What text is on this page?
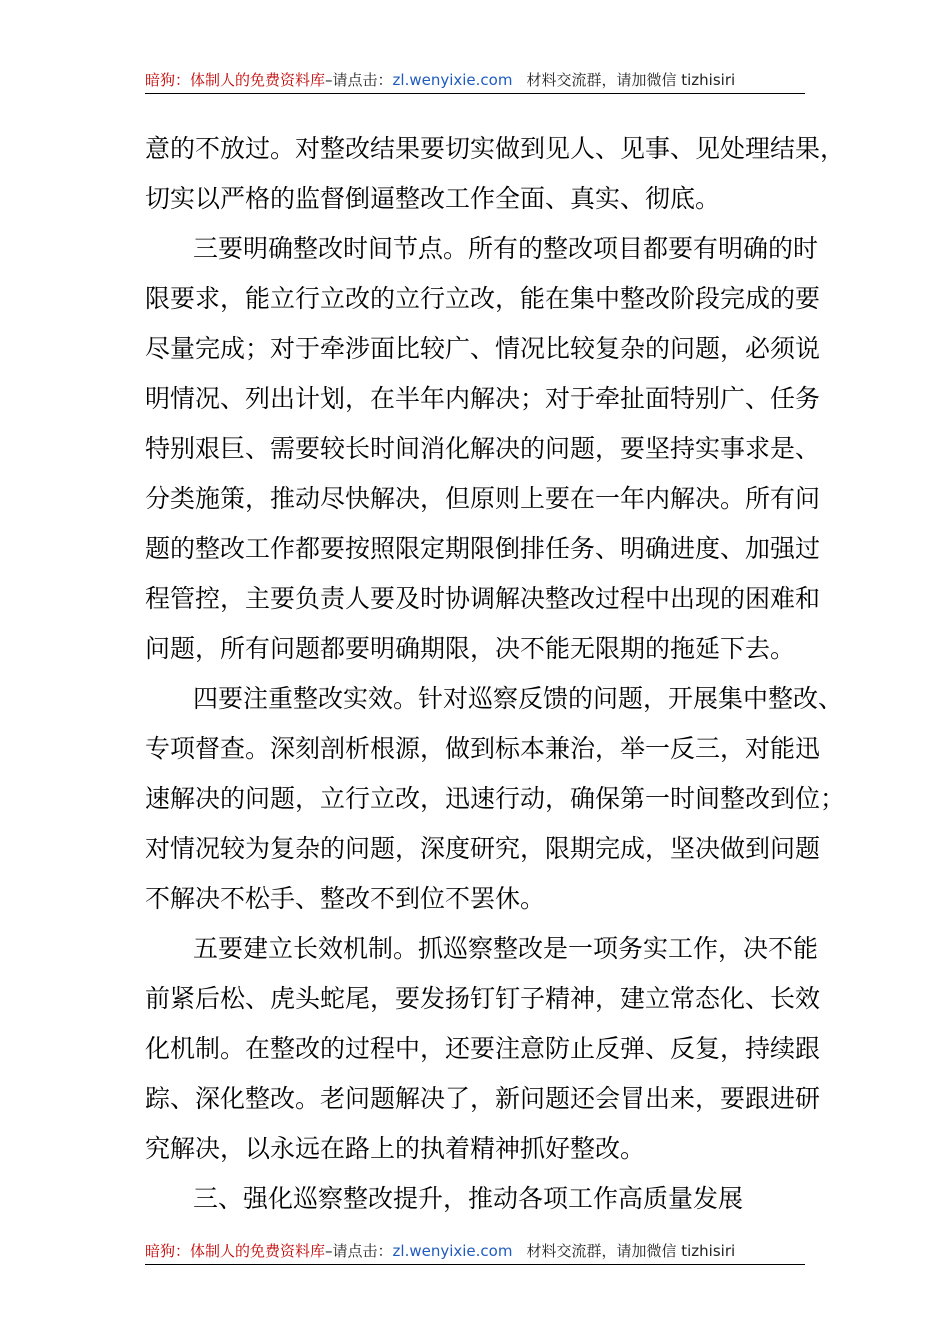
暗狗：体制人的免费资料库–请点击：zl.wenyixie.com 材料交流群，请加微信 tizhisiri
意的不放过。对整改结果要切实做到见人、见事、见处理结果，
切实以严格的监督倒逼整改工作全面、真实、彻底。
三要明确整改时间节点。所有的整改项目都要有明确的时
限要求，能立行立改的立行立改，能在集中整改阶段完成的要
尽量完成；对于牵涉面比较广、情况比较复杂的问题，必须说
明情况、列出计划，在半年内解决；对于牵扯面特别广、任务
特别艰巨、需要较长时间消化解决的问题，要坚持实事求是、
分类施策，推动尽快解决，但原则上要在一年内解决。所有问
题的整改工作都要按照限定期限倒排任务、明确进度、加强过
程管控，主要负责人要及时协调解决整改过程中出现的困难和
问题，所有问题都要明确期限，决不能无限期的拖延下去。
四要注重整改实效。针对巡察反馈的问题，开展集中整改、
专项督查。深刻剖析根源，做到标本兼治，举一反三，对能迅
速解决的问题，立行立改，迅速行动，确保第一时间整改到位；
对情况较为复杂的问题，深度研究，限期完成，坚决做到问题
不解决不松手、整改不到位不罢休。
五要建立长效机制。抓巡察整改是一项务实工作，决不能
前紧后松、虎头蛇尾，要发扬钉钉子精神，建立常态化、长效
化机制。在整改的过程中，还要注意防止反弹、反复，持续跟
踪、深化整改。老问题解决了，新问题还会冒出来，要跟进研
究解决，以永远在路上的执着精神抓好整改。
三、强化巡察整改提升，推动各项工作高质量发展
暗狗：体制人的免费资料库–请点击：zl.wenyixie.com 材料交流群，请加微信 tizhisiri
